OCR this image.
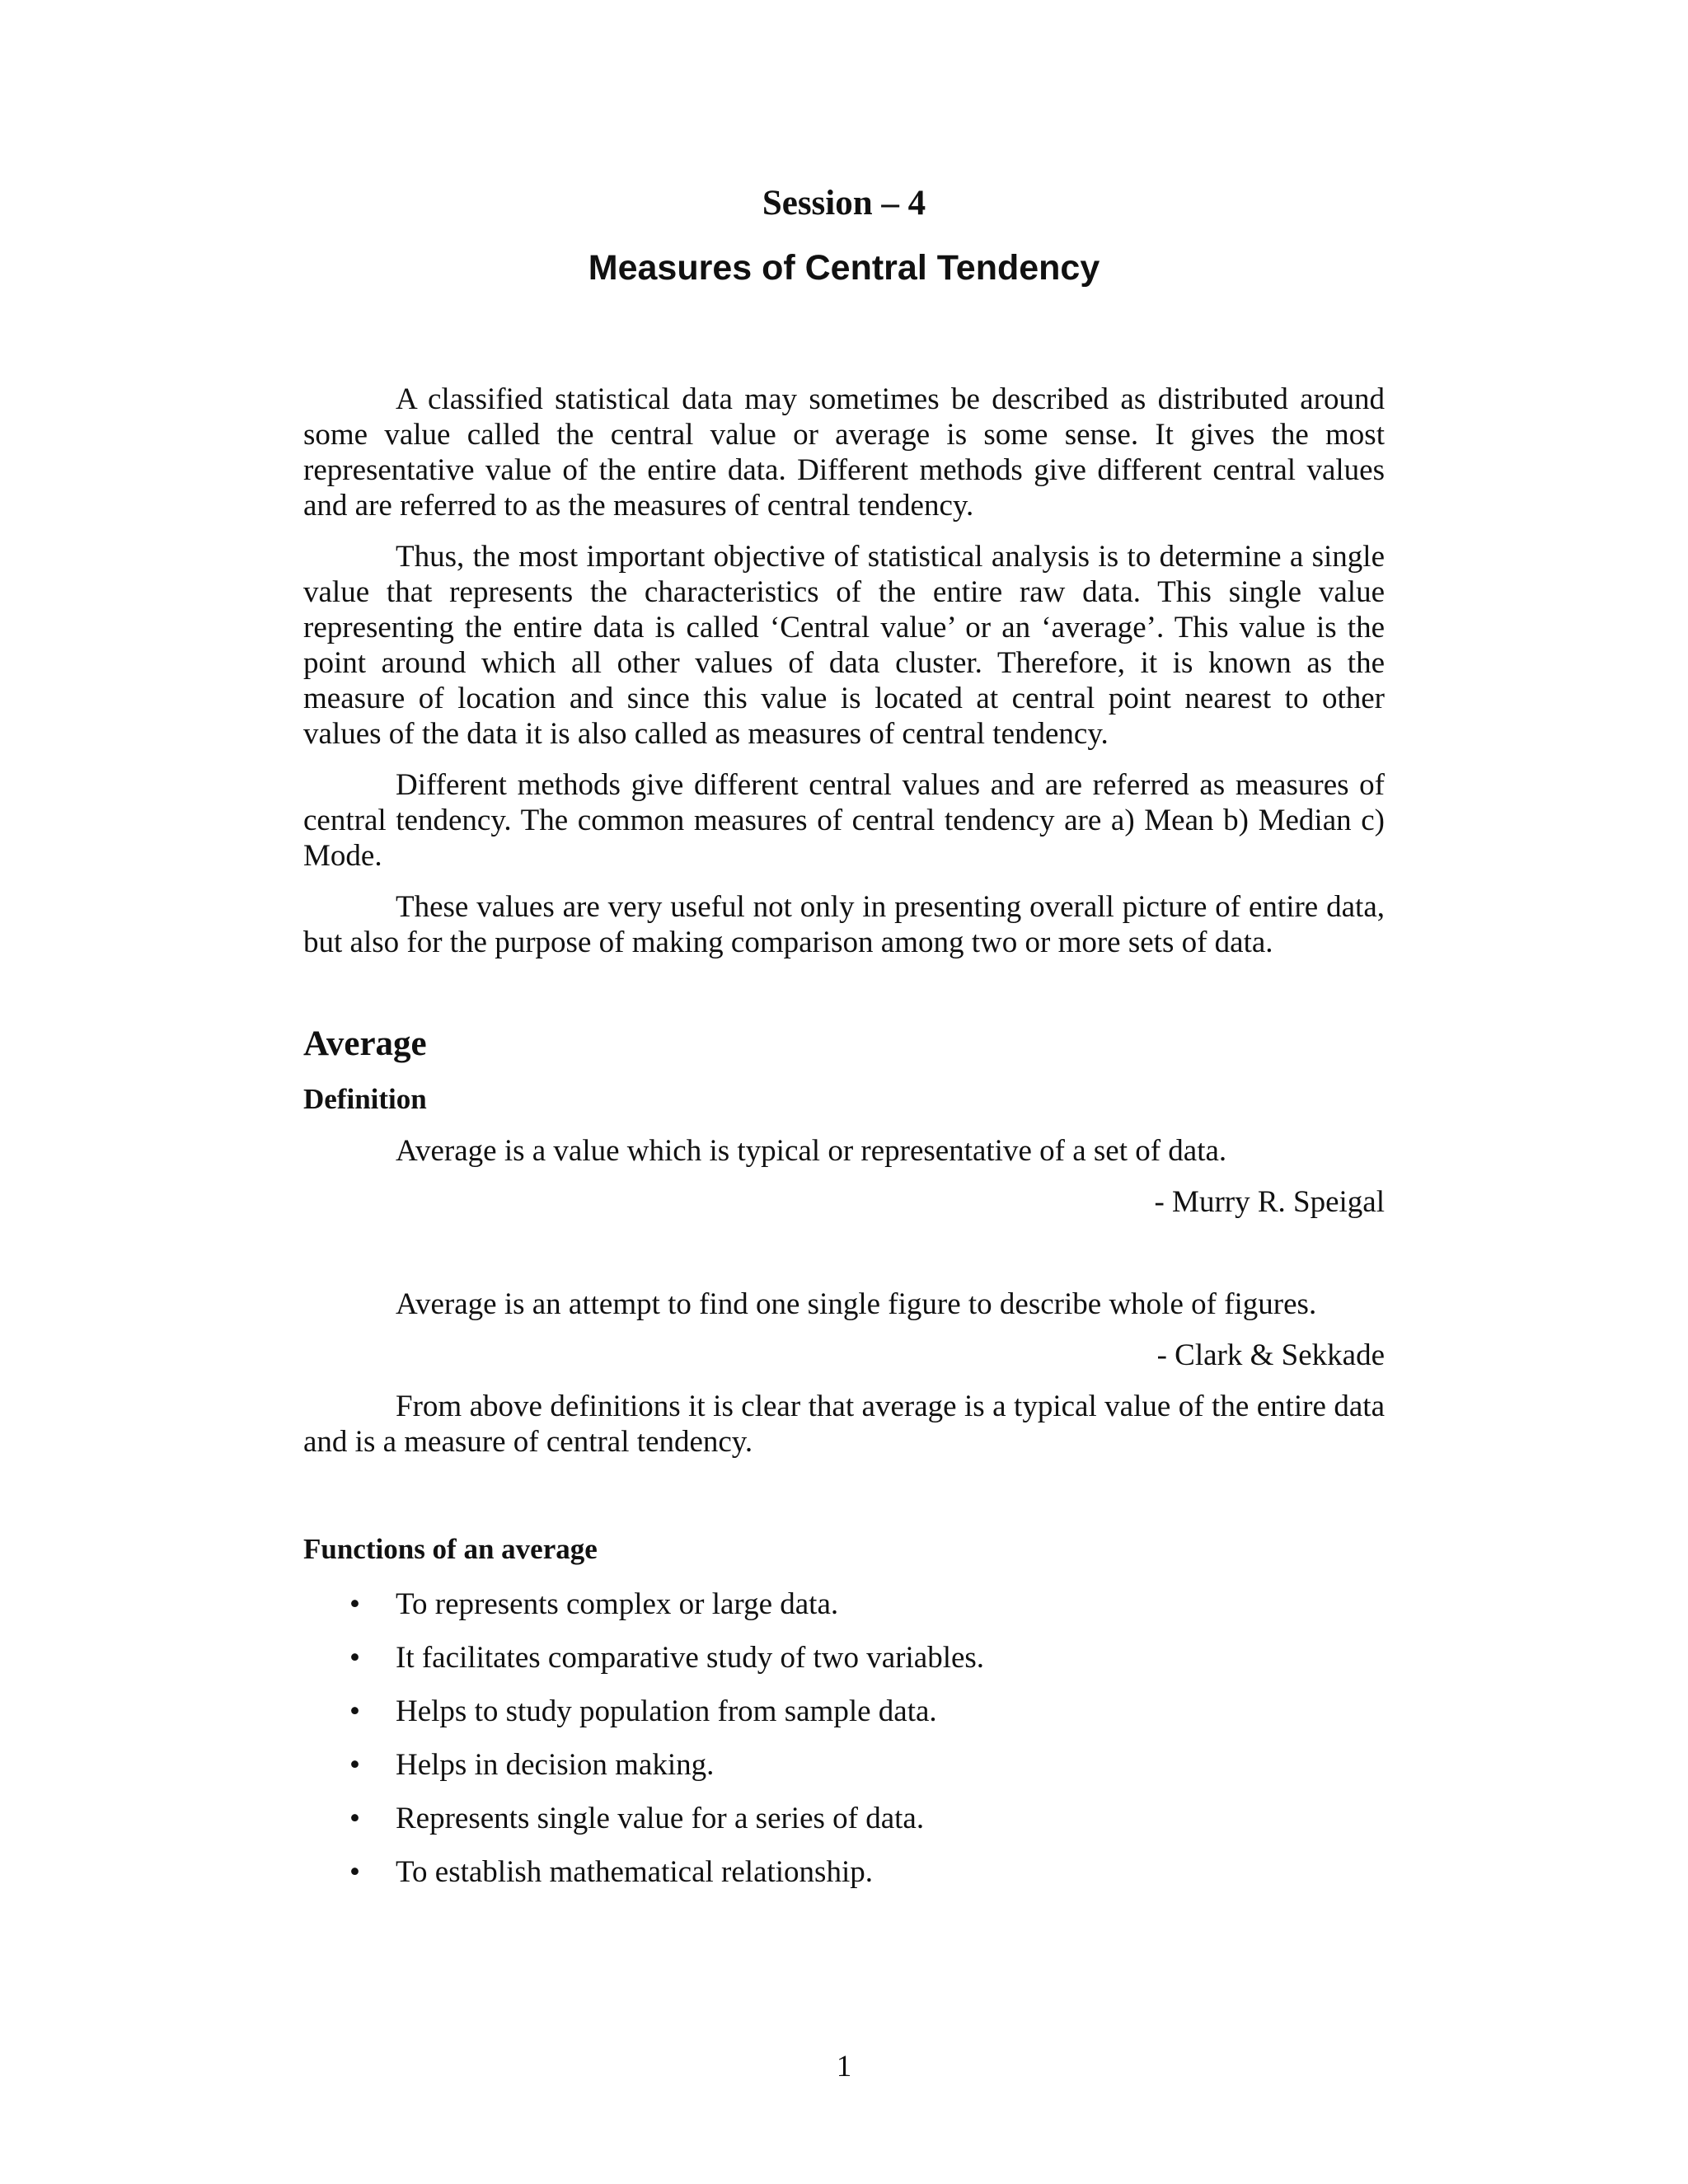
Session – 4
Measures of Central Tendency

A classified statistical data may sometimes be described as distributed around some value called the central value or average is some sense. It gives the most representative value of the entire data. Different methods give different central values and are referred to as the measures of central tendency.

Thus, the most important objective of statistical analysis is to determine a single value that represents the characteristics of the entire raw data. This single value representing the entire data is called ‘Central value’ or an ‘average’. This value is the point around which all other values of data cluster. Therefore, it is known as the measure of location and since this value is located at central point nearest to other values of the data it is also called as measures of central tendency.

Different methods give different central values and are referred as measures of central tendency. The common measures of central tendency are a) Mean b) Median c) Mode.

These values are very useful not only in presenting overall picture of entire data, but also for the purpose of making comparison among two or more sets of data.

Average
Definition

Average is a value which is typical or representative of a set of data.

- Murry R. Speigal

Average is an attempt to find one single figure to describe whole of figures.

- Clark & Sekkade

From above definitions it is clear that average is a typical value of the entire data and is a measure of central tendency.

Functions of an average
• To represents complex or large data.
• It facilitates comparative study of two variables.
• Helps to study population from sample data.
• Helps in decision making.
• Represents single value for a series of data.
• To establish mathematical relationship.

1
